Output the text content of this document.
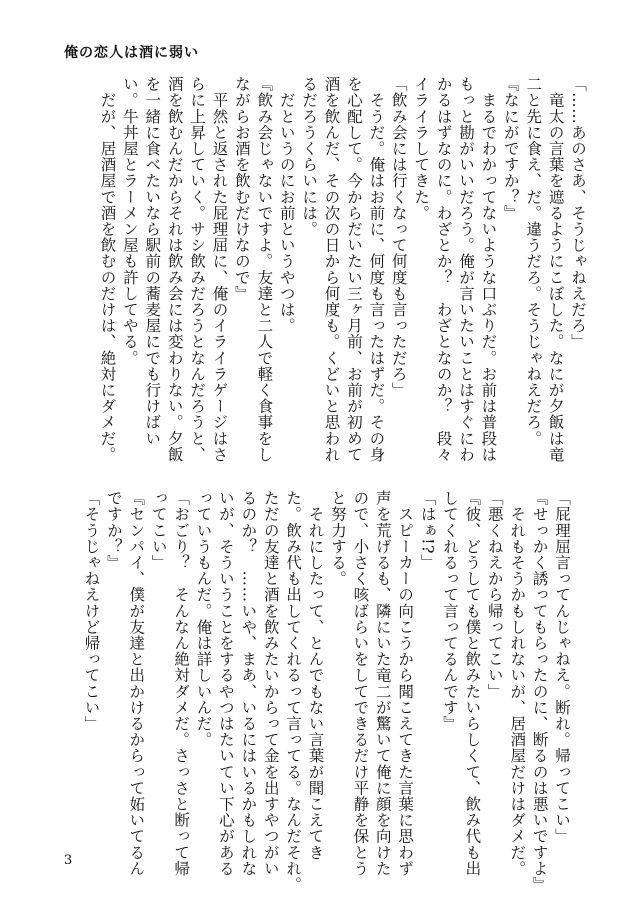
俺の恋人は酒に弱い
「……あのさあ、そうじゃねえだろ」
　竜太の言葉を遮るようにこぼした。なにが夕飯は竜
二と先に食え、だ。違うだろ。そうじゃねえだろ。
『なにがですか？』
　まるでわかってないような口ぶりだ。お前は普段は
もっと勘がいいだろう。俺が言いたいことはすぐにわ
かるはずなのに。わざとか？　わざとなのか？　段々
イライラしてきた。
「飲み会には行くなって何度も言っただろ」
　そうだ。俺はお前に、何度も言ったはずだ。その身
を心配して。今からだいたい三ヶ月前、お前が初めて
酒を飲んだ、その次の日から何度も。くどいと思われ
るだろうくらいには。
　だというのにお前というやつは。
『飲み会じゃないですよ。友達と二人で軽く食事をし
ながらお酒を飲むだけなので』
　平然と返された屁理屈に、俺のイライラゲージはさ
らに上昇していく。サシ飲みだろうとなんだろうと、
酒を飲むんだからそれは飲み会には変わりない。夕飯
を一緒に食べたいなら駅前の蕎麦屋にでも行けばい
い。牛丼屋とラーメン屋も許してやる。
　だが、居酒屋で酒を飲むのだけは、絶対にダメだ。
「屁理屈言ってんじゃねえ。断れ。帰ってこい」
『せっかく誘ってもらったのに、断るのは悪いですよ』
　それもそうかもしれないが、居酒屋だけはダメだ。
「悪くねえから帰ってこい」
『彼、どうしても僕と飲みたいらしくて、飲み代も出
してくれるって言ってるんです』
「はぁ!?」
　スピーカーの向こうから聞こえてきた言葉に思わず
声を荒げるも、隣にいた竜二が驚いて俺に顔を向けた
ので、小さく咳ばらいをしてできるだけ平静を保とう
と努力する。
　それにしたって、とんでもない言葉が聞こえてき
た。飲み代も出してくれるって言ってる。なんだそれ。
ただの友達と酒を飲みたいからって金を出すやつがい
るのか？　……いや、まあ、いるにはいるかもしれな
いが、そういうことをするやつはたいてい下心がある
っていうもんだ。俺は詳しいんだ。
「おごり？　そんなん絶対ダメだ。さっさと断って帰
ってこい」
『センパイ、僕が友達と出かけるからって妬いてるん
ですか？』
「そうじゃねえけど帰ってこい」
3
